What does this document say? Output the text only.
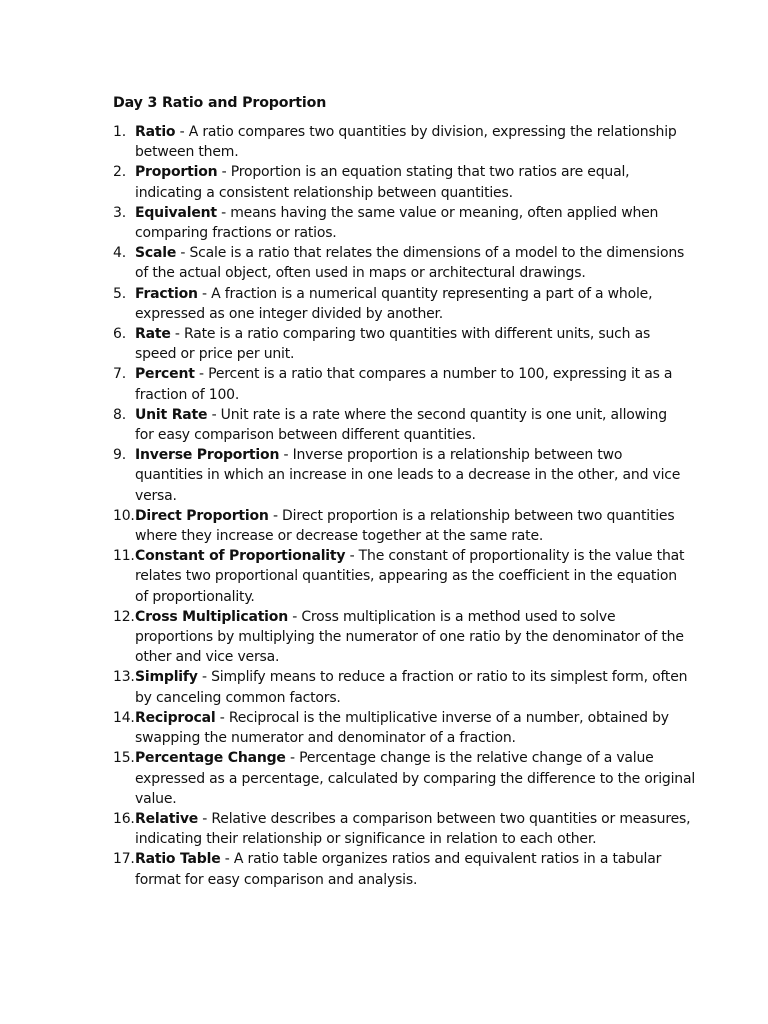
Day 3 Ratio and Proportion
1. Ratio - A ratio compares two quantities by division, expressing the relationship
between them.
2. Proportion - Proportion is an equation stating that two ratios are equal,
indicating a consistent relationship between quantities.
3. Equivalent - means having the same value or meaning, often applied when
comparing fractions or ratios.
4. Scale - Scale is a ratio that relates the dimensions of a model to the dimensions
of the actual object, often used in maps or architectural drawings.
5. Fraction - A fraction is a numerical quantity representing a part of a whole,
expressed as one integer divided by another.
6. Rate - Rate is a ratio comparing two quantities with different units, such as
speed or price per unit.
7. Percent - Percent is a ratio that compares a number to 100, expressing it as a
fraction of 100.
8. Unit Rate - Unit rate is a rate where the second quantity is one unit, allowing
for easy comparison between different quantities.
9. Inverse Proportion - Inverse proportion is a relationship between two
quantities in which an increase in one leads to a decrease in the other, and vice
versa.
10. Direct Proportion - Direct proportion is a relationship between two quantities
where they increase or decrease together at the same rate.
11. Constant of Proportionality - The constant of proportionality is the value that
relates two proportional quantities, appearing as the coefficient in the equation
of proportionality.
12. Cross Multiplication - Cross multiplication is a method used to solve
proportions by multiplying the numerator of one ratio by the denominator of the
other and vice versa.
13. Simplify - Simplify means to reduce a fraction or ratio to its simplest form, often
by canceling common factors.
14. Reciprocal - Reciprocal is the multiplicative inverse of a number, obtained by
swapping the numerator and denominator of a fraction.
15. Percentage Change - Percentage change is the relative change of a value
expressed as a percentage, calculated by comparing the difference to the original
value.
16. Relative - Relative describes a comparison between two quantities or measures,
indicating their relationship or significance in relation to each other.
17. Ratio Table - A ratio table organizes ratios and equivalent ratios in a tabular
format for easy comparison and analysis.
